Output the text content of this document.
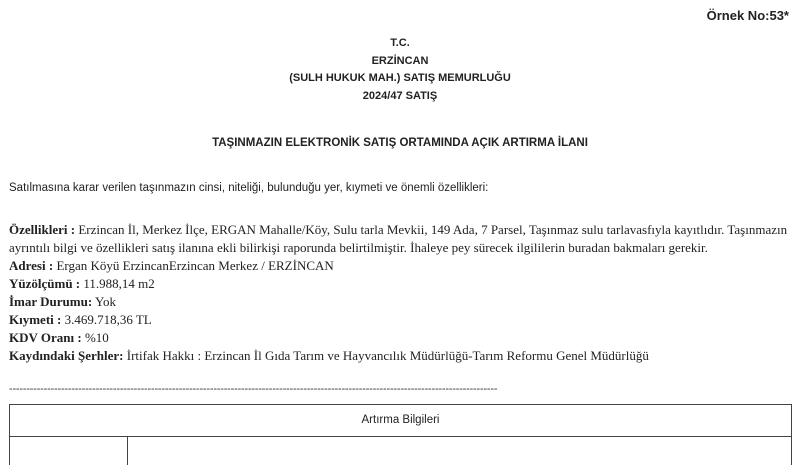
Örnek No:53*
T.C.
ERZİNCAN
(SULH HUKUK MAH.) SATIŞ MEMURLUĞU
2024/47 SATIŞ
TAŞINMAZIN ELEKTRONİK SATIŞ ORTAMINDA AÇIK ARTIRMA İLANI
Satılmasına karar verilen taşınmazın cinsi, niteliği, bulunduğu yer, kıymeti ve önemli özellikleri:
Özellikleri : Erzincan İl, Merkez İlçe, ERGAN Mahalle/Köy, Sulu tarla Mevkii, 149 Ada, 7 Parsel, Taşınmaz sulu tarlavasfıyla kayıtlıdır. Taşınmazın ayrıntılı bilgi ve özellikleri satış ilanına ekli bilirkişi raporunda belirtilmiştir. İhaleye pey sürecek ilgililerin buradan bakmaları gerekir.
Adresi : Ergan Köyü ErzincanErzincan Merkez / ERZİNCAN
Yüzölçümü : 11.988,14 m2
İmar Durumu: Yok
Kıymeti : 3.469.718,36 TL
KDV Oranı : %10
Kaydındaki Şerhler: İrtifak Hakkı : Erzincan İl Gıda Tarım ve Hayvancılık Müdürlüğü-Tarım Reformu Genel Müdürlüğü
---------------------------------------------------------------------------------------------------------------------------------------------
Artırma Bilgileri
